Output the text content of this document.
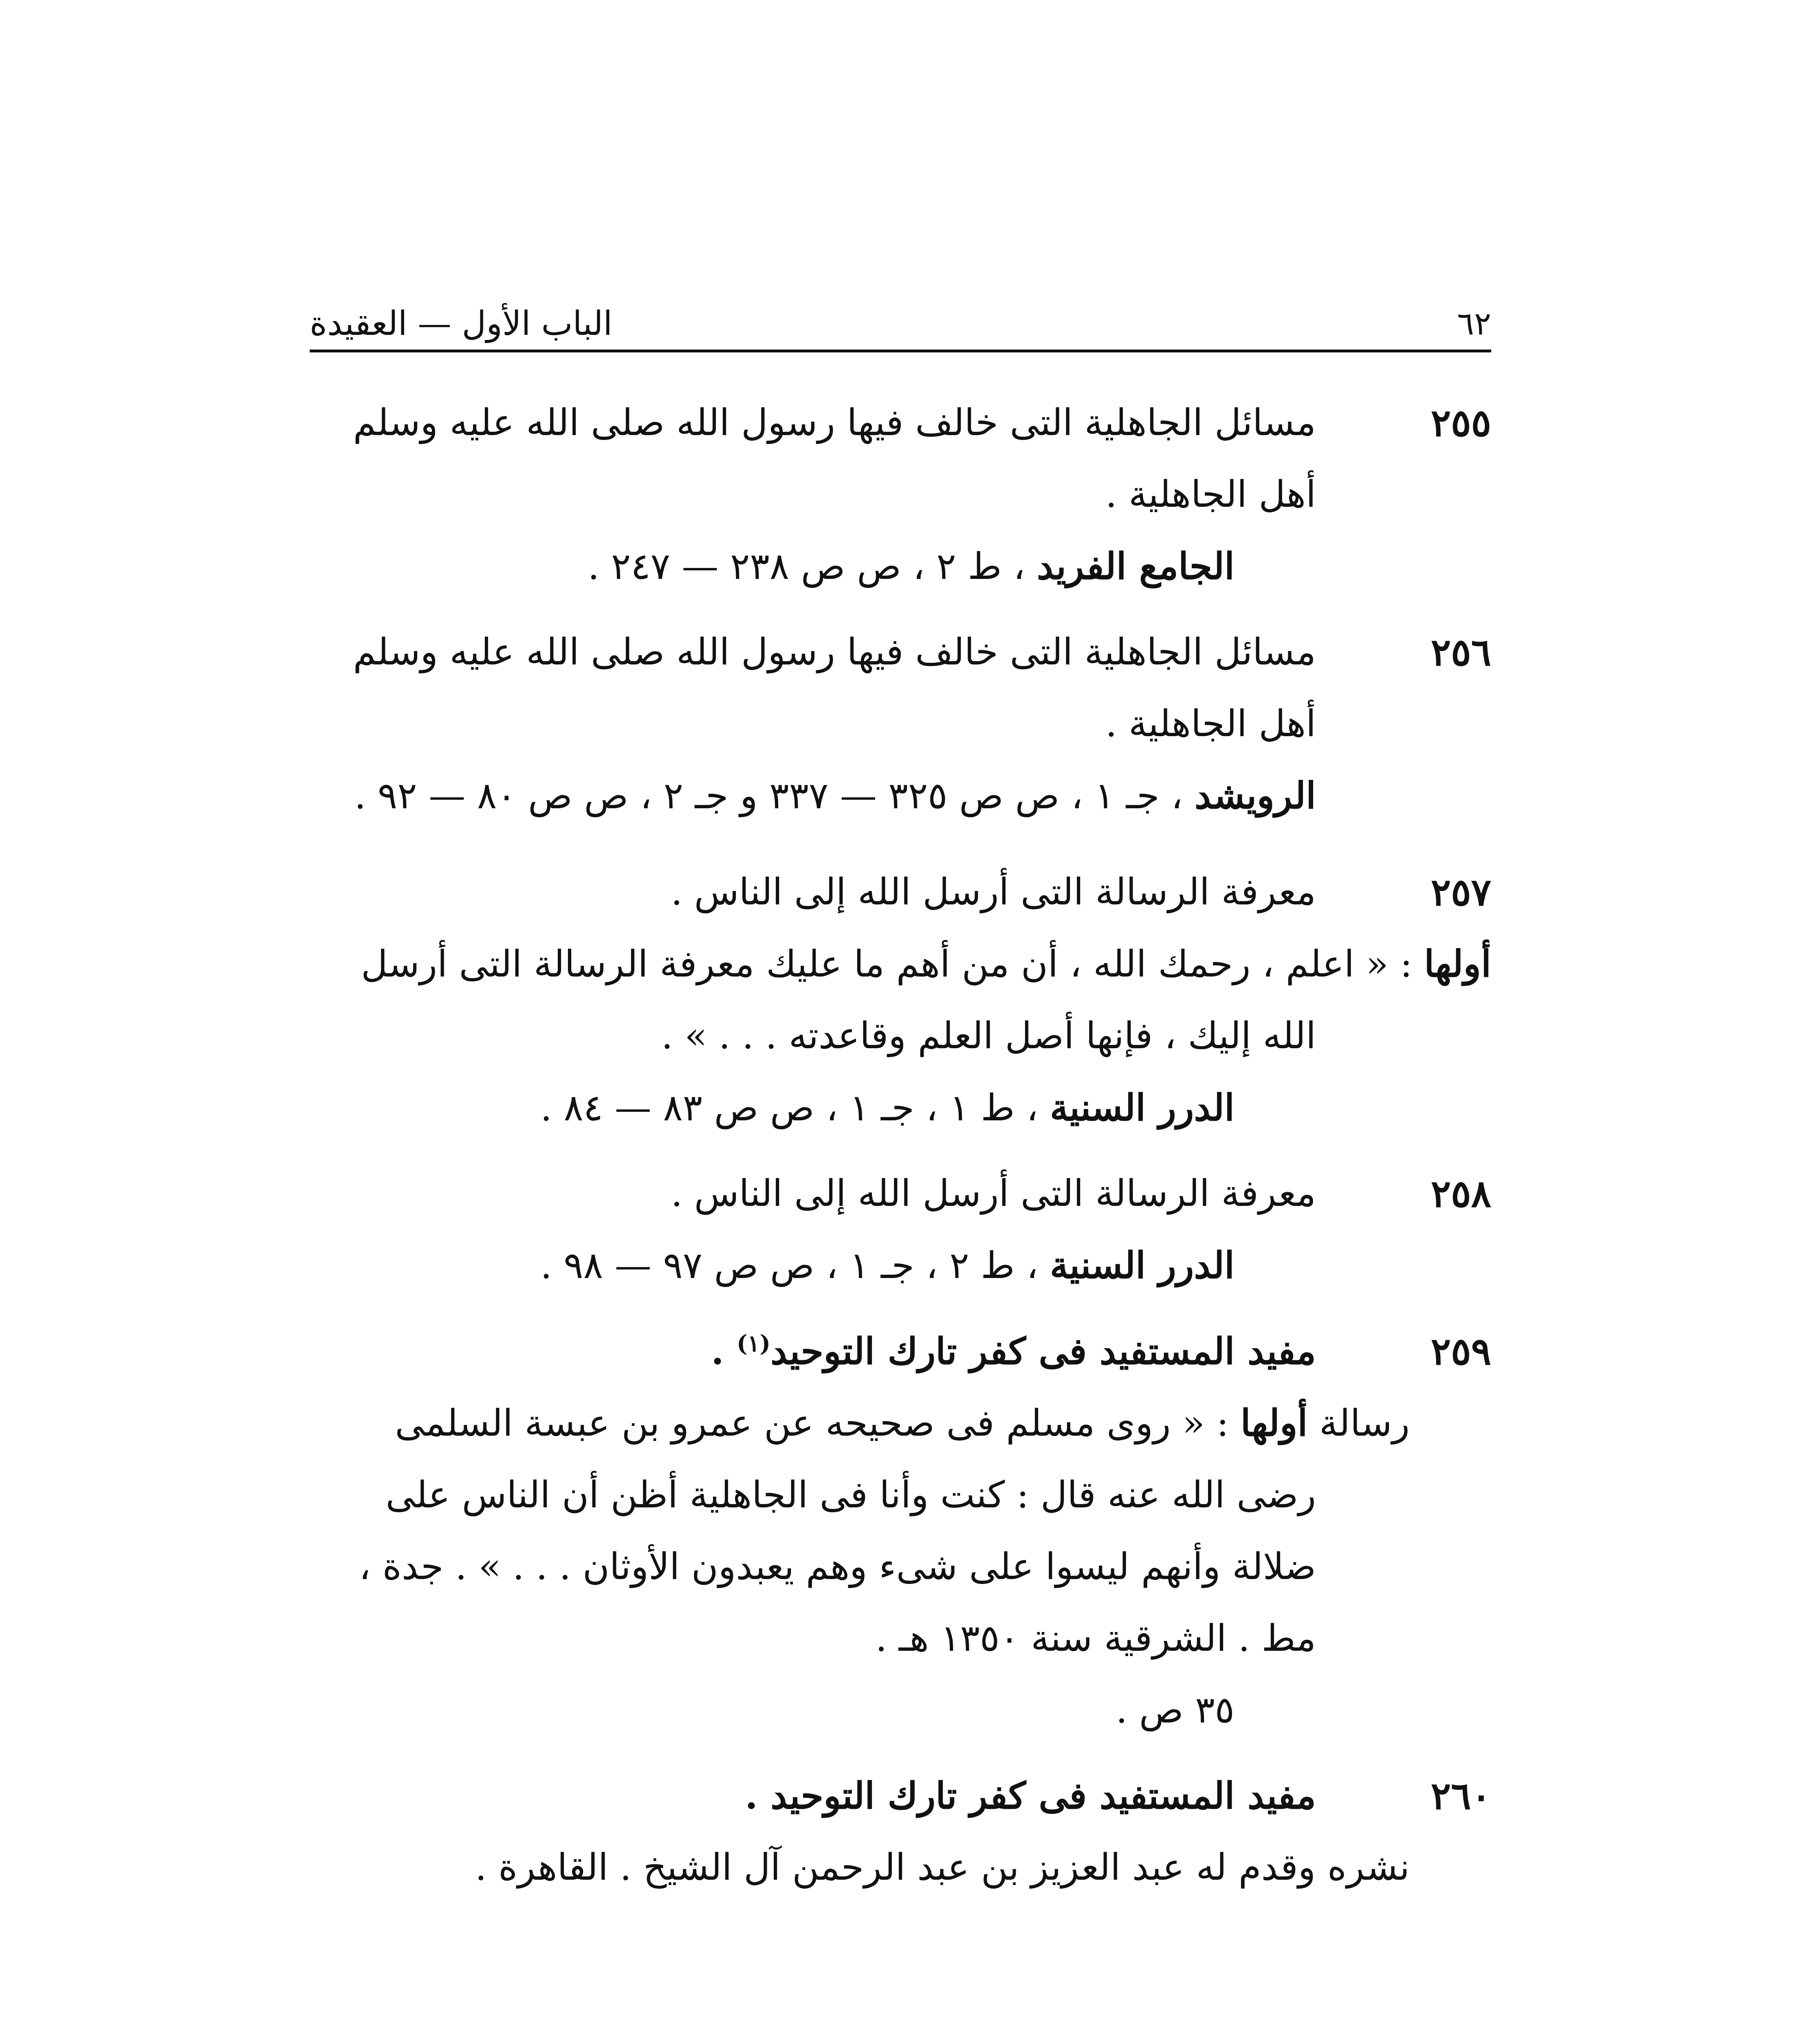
٦٢
الباب الأول — العقيدة
٢٥٥

مسائل الجاهلية التى خالف فيها رسول الله صلى الله عليه وسلم أهل الجاهلية .

الجامع الفريد ، ط ٢ ، ص ص ٢٣٨ — ٢٤٧ .

٢٥٦

مسائل الجاهلية التى خالف فيها رسول الله صلى الله عليه وسلم أهل الجاهلية .

الرويشد ، جـ ١ ، ص ص ٣٢٥ — ٣٣٧ و جـ ٢ ، ص ص ٨٠ — ٩٢ .

٢٥٧

معرفة الرسالة التى أرسل الله إلى الناس .

أولها : « اعلم ، رحمك الله ، أن من أهم ما عليك معرفة الرسالة التى أرسل الله إليك ، فإنها أصل العلم وقاعدته . . . » .

الدرر السنية ، ط ١ ، جـ ١ ، ص ص ٨٣ — ٨٤ .

٢٥٨

معرفة الرسالة التى أرسل الله إلى الناس .

الدرر السنية ، ط ٢ ، جـ ١ ، ص ص ٩٧ — ٩٨ .

٢٥٩

مفيد المستفيد فى كفر تارك التوحيد$^{(١)}$ .

رسالة أولها : « روى مسلم فى صحيحه عن عمرو بن عبسة السلمى رضى الله عنه قال : كنت وأنا فى الجاهلية أظن أن الناس على ضلالة وأنهم ليسوا على شىء وهم يعبدون الأوثان . . . » . جدة ، مط . الشرقية سنة ١٣٥٠ هـ .

٣٥ ص .

٢٦٠

مفيد المستفيد فى كفر تارك التوحيد .

نشره وقدم له عبد العزيز بن عبد الرحمن آل الشيخ . القاهرة .
